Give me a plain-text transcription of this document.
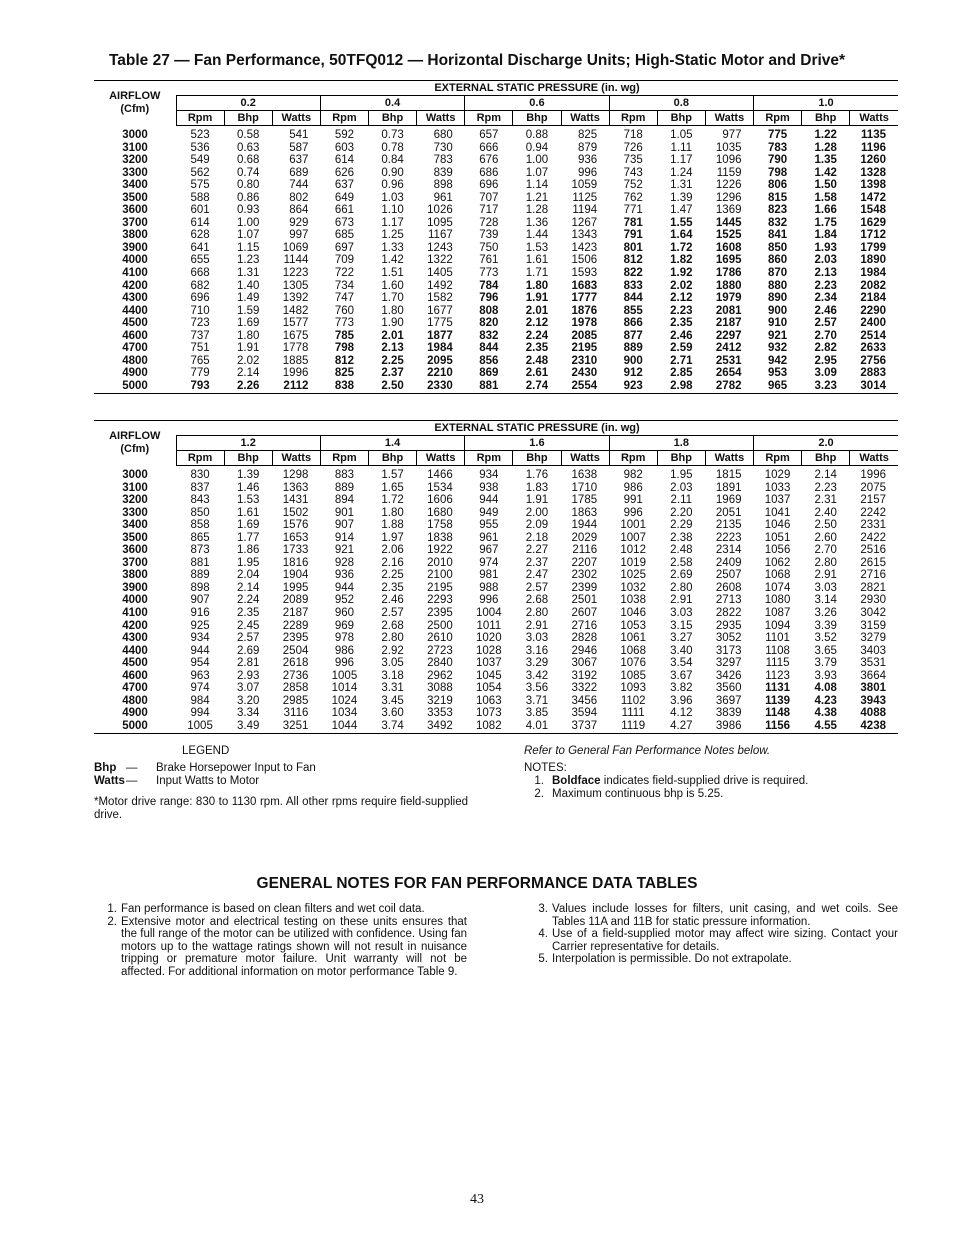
Table 27 — Fan Performance, 50TFQ012 — Horizontal Discharge Units; High-Static Motor and Drive*
AIRFLOW
(Cfm)	EXTERNAL STATIC PRESSURE (in. wg)														
	0.2			0.4			0.6			0.8			1.0		
	Rpm	Bhp	Watts	Rpm	Bhp	Watts	Rpm	Bhp	Watts	Rpm	Bhp	Watts	Rpm	Bhp	Watts
3000	523	0.58	541	592	0.73	680	657	0.88	825	718	1.05	977	775	1.22	1135
3100	536	0.63	587	603	0.78	730	666	0.94	879	726	1.11	1035	783	1.28	1196
3200	549	0.68	637	614	0.84	783	676	1.00	936	735	1.17	1096	790	1.35	1260
3300	562	0.74	689	626	0.90	839	686	1.07	996	743	1.24	1159	798	1.42	1328
3400	575	0.80	744	637	0.96	898	696	1.14	1059	752	1.31	1226	806	1.50	1398
3500	588	0.86	802	649	1.03	961	707	1.21	1125	762	1.39	1296	815	1.58	1472
3600	601	0.93	864	661	1.10	1026	717	1.28	1194	771	1.47	1369	823	1.66	1548
3700	614	1.00	929	673	1.17	1095	728	1.36	1267	781	1.55	1445	832	1.75	1629
3800	628	1.07	997	685	1.25	1167	739	1.44	1343	791	1.64	1525	841	1.84	1712
3900	641	1.15	1069	697	1.33	1243	750	1.53	1423	801	1.72	1608	850	1.93	1799
4000	655	1.23	1144	709	1.42	1322	761	1.61	1506	812	1.82	1695	860	2.03	1890
4100	668	1.31	1223	722	1.51	1405	773	1.71	1593	822	1.92	1786	870	2.13	1984
4200	682	1.40	1305	734	1.60	1492	784	1.80	1683	833	2.02	1880	880	2.23	2082
4300	696	1.49	1392	747	1.70	1582	796	1.91	1777	844	2.12	1979	890	2.34	2184
4400	710	1.59	1482	760	1.80	1677	808	2.01	1876	855	2.23	2081	900	2.46	2290
4500	723	1.69	1577	773	1.90	1775	820	2.12	1978	866	2.35	2187	910	2.57	2400
4600	737	1.80	1675	785	2.01	1877	832	2.24	2085	877	2.46	2297	921	2.70	2514
4700	751	1.91	1778	798	2.13	1984	844	2.35	2195	889	2.59	2412	932	2.82	2633
4800	765	2.02	1885	812	2.25	2095	856	2.48	2310	900	2.71	2531	942	2.95	2756
4900	779	2.14	1996	825	2.37	2210	869	2.61	2430	912	2.85	2654	953	3.09	2883
5000	793	2.26	2112	838	2.50	2330	881	2.74	2554	923	2.98	2782	965	3.23	3014
AIRFLOW
(Cfm)	EXTERNAL STATIC PRESSURE (in. wg)														
	1.2			1.4			1.6			1.8			2.0		
	Rpm	Bhp	Watts	Rpm	Bhp	Watts	Rpm	Bhp	Watts	Rpm	Bhp	Watts	Rpm	Bhp	Watts
3000	830	1.39	1298	883	1.57	1466	934	1.76	1638	982	1.95	1815	1029	2.14	1996
3100	837	1.46	1363	889	1.65	1534	938	1.83	1710	986	2.03	1891	1033	2.23	2075
3200	843	1.53	1431	894	1.72	1606	944	1.91	1785	991	2.11	1969	1037	2.31	2157
3300	850	1.61	1502	901	1.80	1680	949	2.00	1863	996	2.20	2051	1041	2.40	2242
3400	858	1.69	1576	907	1.88	1758	955	2.09	1944	1001	2.29	2135	1046	2.50	2331
3500	865	1.77	1653	914	1.97	1838	961	2.18	2029	1007	2.38	2223	1051	2.60	2422
3600	873	1.86	1733	921	2.06	1922	967	2.27	2116	1012	2.48	2314	1056	2.70	2516
3700	881	1.95	1816	928	2.16	2010	974	2.37	2207	1019	2.58	2409	1062	2.80	2615
3800	889	2.04	1904	936	2.25	2100	981	2.47	2302	1025	2.69	2507	1068	2.91	2716
3900	898	2.14	1995	944	2.35	2195	988	2.57	2399	1032	2.80	2608	1074	3.03	2821
4000	907	2.24	2089	952	2.46	2293	996	2.68	2501	1038	2.91	2713	1080	3.14	2930
4100	916	2.35	2187	960	2.57	2395	1004	2.80	2607	1046	3.03	2822	1087	3.26	3042
4200	925	2.45	2289	969	2.68	2500	1011	2.91	2716	1053	3.15	2935	1094	3.39	3159
4300	934	2.57	2395	978	2.80	2610	1020	3.03	2828	1061	3.27	3052	1101	3.52	3279
4400	944	2.69	2504	986	2.92	2723	1028	3.16	2946	1068	3.40	3173	1108	3.65	3403
4500	954	2.81	2618	996	3.05	2840	1037	3.29	3067	1076	3.54	3297	1115	3.79	3531
4600	963	2.93	2736	1005	3.18	2962	1045	3.42	3192	1085	3.67	3426	1123	3.93	3664
4700	974	3.07	2858	1014	3.31	3088	1054	3.56	3322	1093	3.82	3560	1131	4.08	3801
4800	984	3.20	2985	1024	3.45	3219	1063	3.71	3456	1102	3.96	3697	1139	4.23	3943
4900	994	3.34	3116	1034	3.60	3353	1073	3.85	3594	1111	4.12	3839	1148	4.38	4088
5000	1005	3.49	3251	1044	3.74	3492	1082	4.01	3737	1119	4.27	3986	1156	4.55	4238
LEGEND
Bhp — Brake Horsepower Input to Fan
Watts— Input Watts to Motor
*Motor drive range: 830 to 1130 rpm. All other rpms require field-supplied drive.
Refer to General Fan Performance Notes below.
NOTES:
1. Boldface indicates field-supplied drive is required.
2. Maximum continuous bhp is 5.25.
GENERAL NOTES FOR FAN PERFORMANCE DATA TABLES
1. Fan performance is based on clean filters and wet coil data.
2. Extensive motor and electrical testing on these units ensures that the full range of the motor can be utilized with confidence. Using fan motors up to the wattage ratings shown will not result in nuisance tripping or premature motor failure. Unit warranty will not be affected. For additional information on motor performance Table 9.
3. Values include losses for filters, unit casing, and wet coils. See Tables 11A and 11B for static pressure information.
4. Use of a field-supplied motor may affect wire sizing. Contact your Carrier representative for details.
5. Interpolation is permissible. Do not extrapolate.
43
